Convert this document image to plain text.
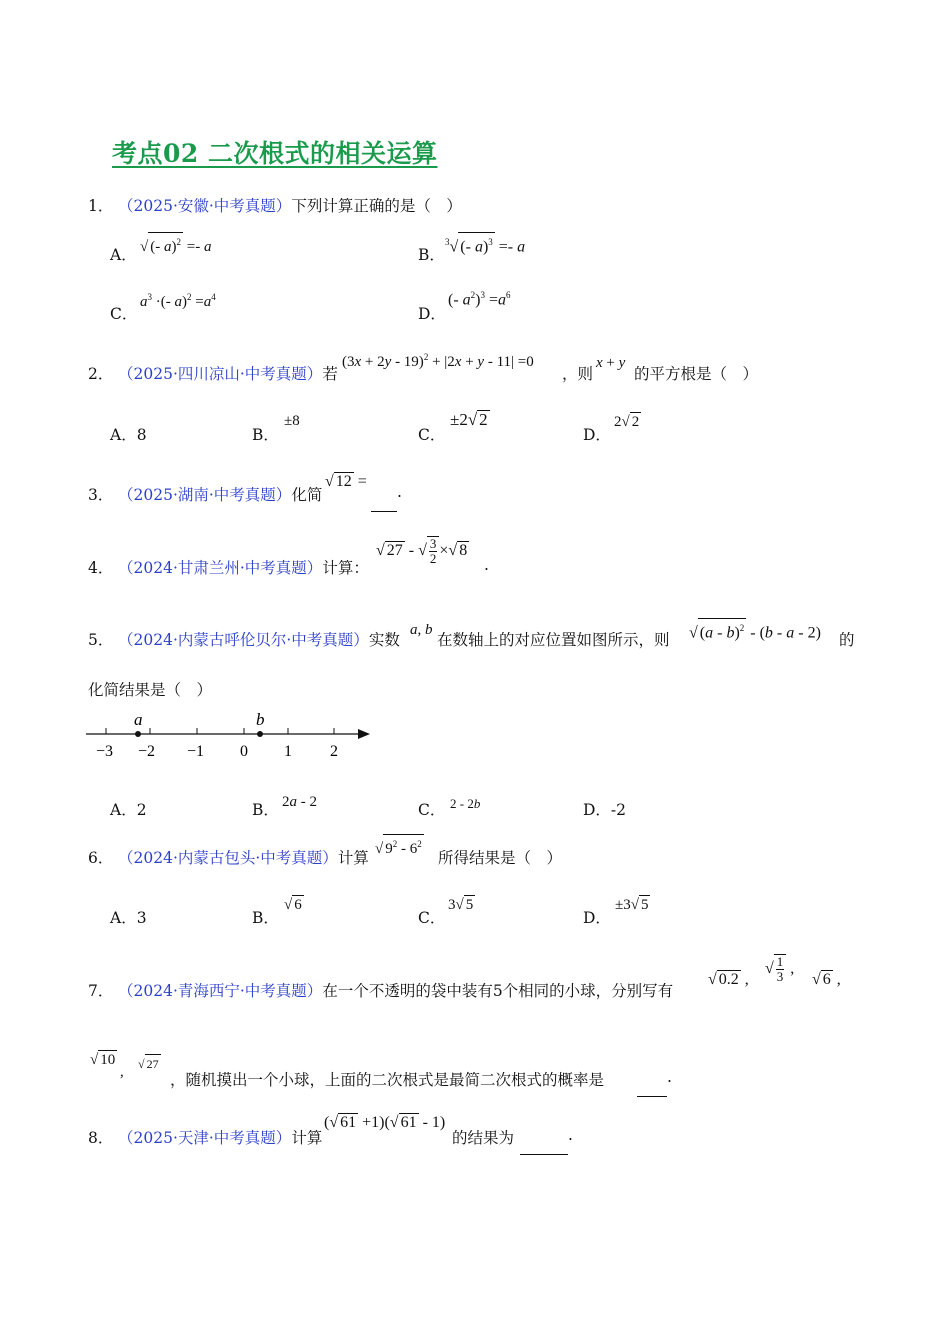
考点02 二次根式的相关运算
1． （2025·安徽·中考真题）下列计算正确的是（　）
A． √ (- a)$^2$ =- a	B．
$^3$√ (- a)$^3$ =- a
C．
$a^3$ ·(- $a)^2 =a^4$
D．
(- $a^2)^3 =a^6$
2． （2025·四川凉山·中考真题）若
$(3x + 2y - 19)^2 + |2x + y - 11| =0$
，则
x + y
的平方根是（　）
A．8	B．
±8
C．
±2√ 2
D．
2√ 2
3． （2025·湖南·中考真题）化简
√ 12 =
.
4． （2024·甘肃兰州·中考真题）计算：
√ 27 - √ $\frac{3}{2}$ ×√ 8
.
5． （2024·内蒙古呼伦贝尔·中考真题）实数
a, b
在数轴上的对应位置如图所示，则 √ (a - b)$^2$ - (b - a - 2) 的
化简结果是（　）
a	b
−3 −2 −1 0 1 2
A．2	B． 2a - 2	C． 2 - 2b	D．-2
6． （2024·内蒙古包头·中考真题）计算 √ $9^2 - 6^2$
所得结果是（　）
A．3	B．
√ 6
C．
3√ 5
D．
±3√ 5
7． （2024·青海西宁·中考真题）在一个不透明的袋中装有5个相同的小球，分别写有
√ 0.2 ,
√ $\frac{1}{3}$ ,
√ 6 ,
√ 10
, √ 27
，随机摸出一个小球，上面的二次根式是最简二次根式的概率是	.
8． （2025·天津·中考真题）计算
(√ 61 +1)(√ 61 - 1)
的结果为	.
